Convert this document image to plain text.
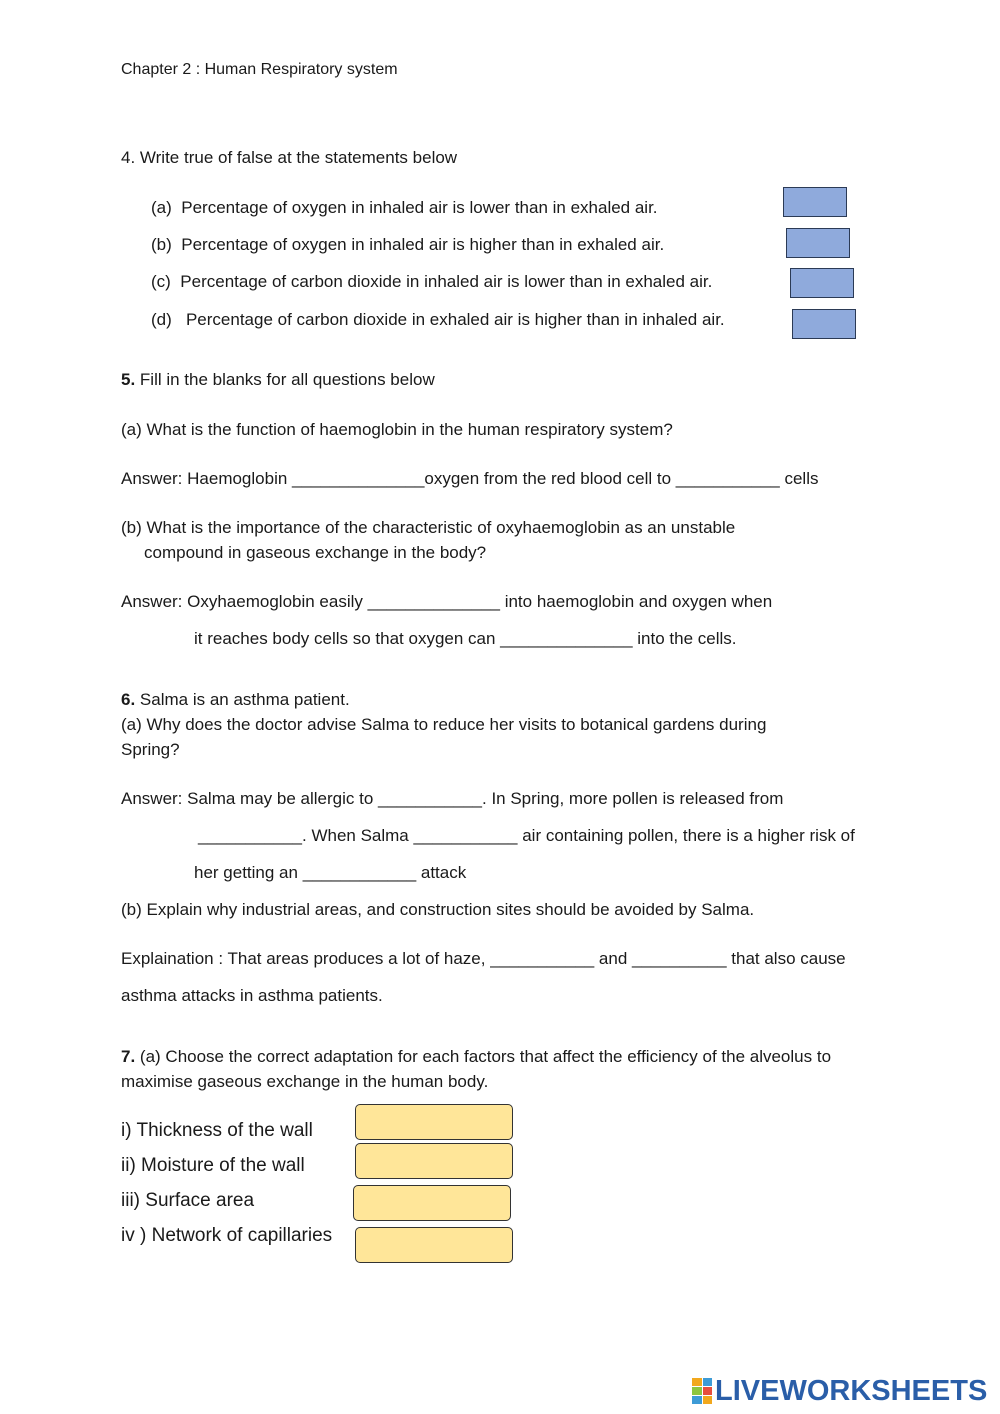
Chapter 2 : Human Respiratory system
4. Write true of false at the statements below
(a) Percentage of oxygen in inhaled air is lower than in exhaled air.
(b) Percentage of oxygen in inhaled air is higher than in exhaled air.
(c) Percentage of carbon dioxide in inhaled air is lower than in exhaled air.
(d) Percentage of carbon dioxide in exhaled air is higher than in inhaled air.
5. Fill in the blanks for all questions below
(a) What is the function of haemoglobin in the human respiratory system?
Answer: Haemoglobin ______________oxygen from the red blood cell to ___________ cells
(b) What is the importance of the characteristic of oxyhaemoglobin as an unstable
compound in gaseous exchange in the body?
Answer: Oxyhaemoglobin easily ______________ into haemoglobin and oxygen when
it reaches body cells so that oxygen can ______________ into the cells.
6. Salma is an asthma patient.
(a) Why does the doctor advise Salma to reduce her visits to botanical gardens during
Spring?
Answer: Salma may be allergic to ___________. In Spring, more pollen is released from
___________. When Salma ___________ air containing pollen, there is a higher risk of
her getting an ____________ attack
(b) Explain why industrial areas, and construction sites should be avoided by Salma.
Explaination : That areas produces a lot of haze, ___________ and __________ that also cause
asthma attacks in asthma patients.
7. (a) Choose the correct adaptation for each factors that affect the efficiency of the alveolus to
maximise gaseous exchange in the human body.
i) Thickness of the wall
ii) Moisture of the wall
iii) Surface area
iv ) Network of capillaries
LIVEWORKSHEETS
